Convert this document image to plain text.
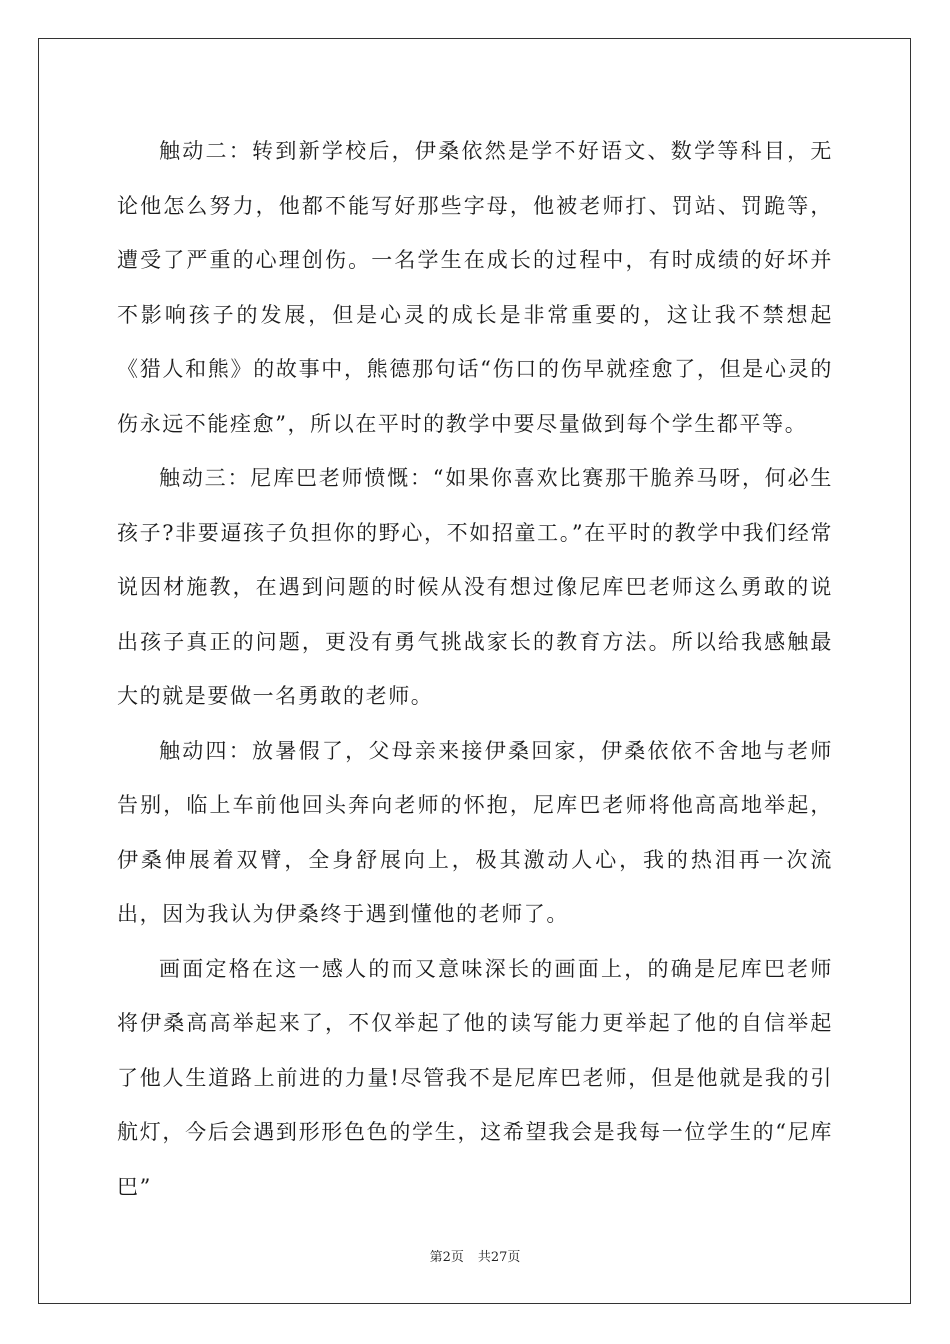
触动二：转到新学校后，伊桑依然是学不好语文、数学等科目，无论他怎么努力，他都不能写好那些字母，他被老师打、罚站、罚跪等，遭受了严重的心理创伤。一名学生在成长的过程中，有时成绩的好坏并不影响孩子的发展，但是心灵的成长是非常重要的，这让我不禁想起《猎人和熊》的故事中，熊德那句话“伤口的伤早就痊愈了，但是心灵的伤永远不能痊愈”，所以在平时的教学中要尽量做到每个学生都平等。

触动三：尼库巴老师愤慨：“如果你喜欢比赛那干脆养马呀，何必生孩子?非要逼孩子负担你的野心，不如招童工。”在平时的教学中我们经常说因材施教，在遇到问题的时候从没有想过像尼库巴老师这么勇敢的说出孩子真正的问题，更没有勇气挑战家长的教育方法。所以给我感触最大的就是要做一名勇敢的老师。

触动四：放暑假了，父母亲来接伊桑回家，伊桑依依不舍地与老师告别，临上车前他回头奔向老师的怀抱，尼库巴老师将他高高地举起，伊桑伸展着双臂，全身舒展向上，极其激动人心，我的热泪再一次流出，因为我认为伊桑终于遇到懂他的老师了。

画面定格在这一感人的而又意味深长的画面上，的确是尼库巴老师将伊桑高高举起来了，不仅举起了他的读写能力更举起了他的自信举起了他人生道路上前进的力量!尽管我不是尼库巴老师，但是他就是我的引航灯，今后会遇到形形色色的学生，这希望我会是我每一位学生的“尼库巴”

第2页 共27页
